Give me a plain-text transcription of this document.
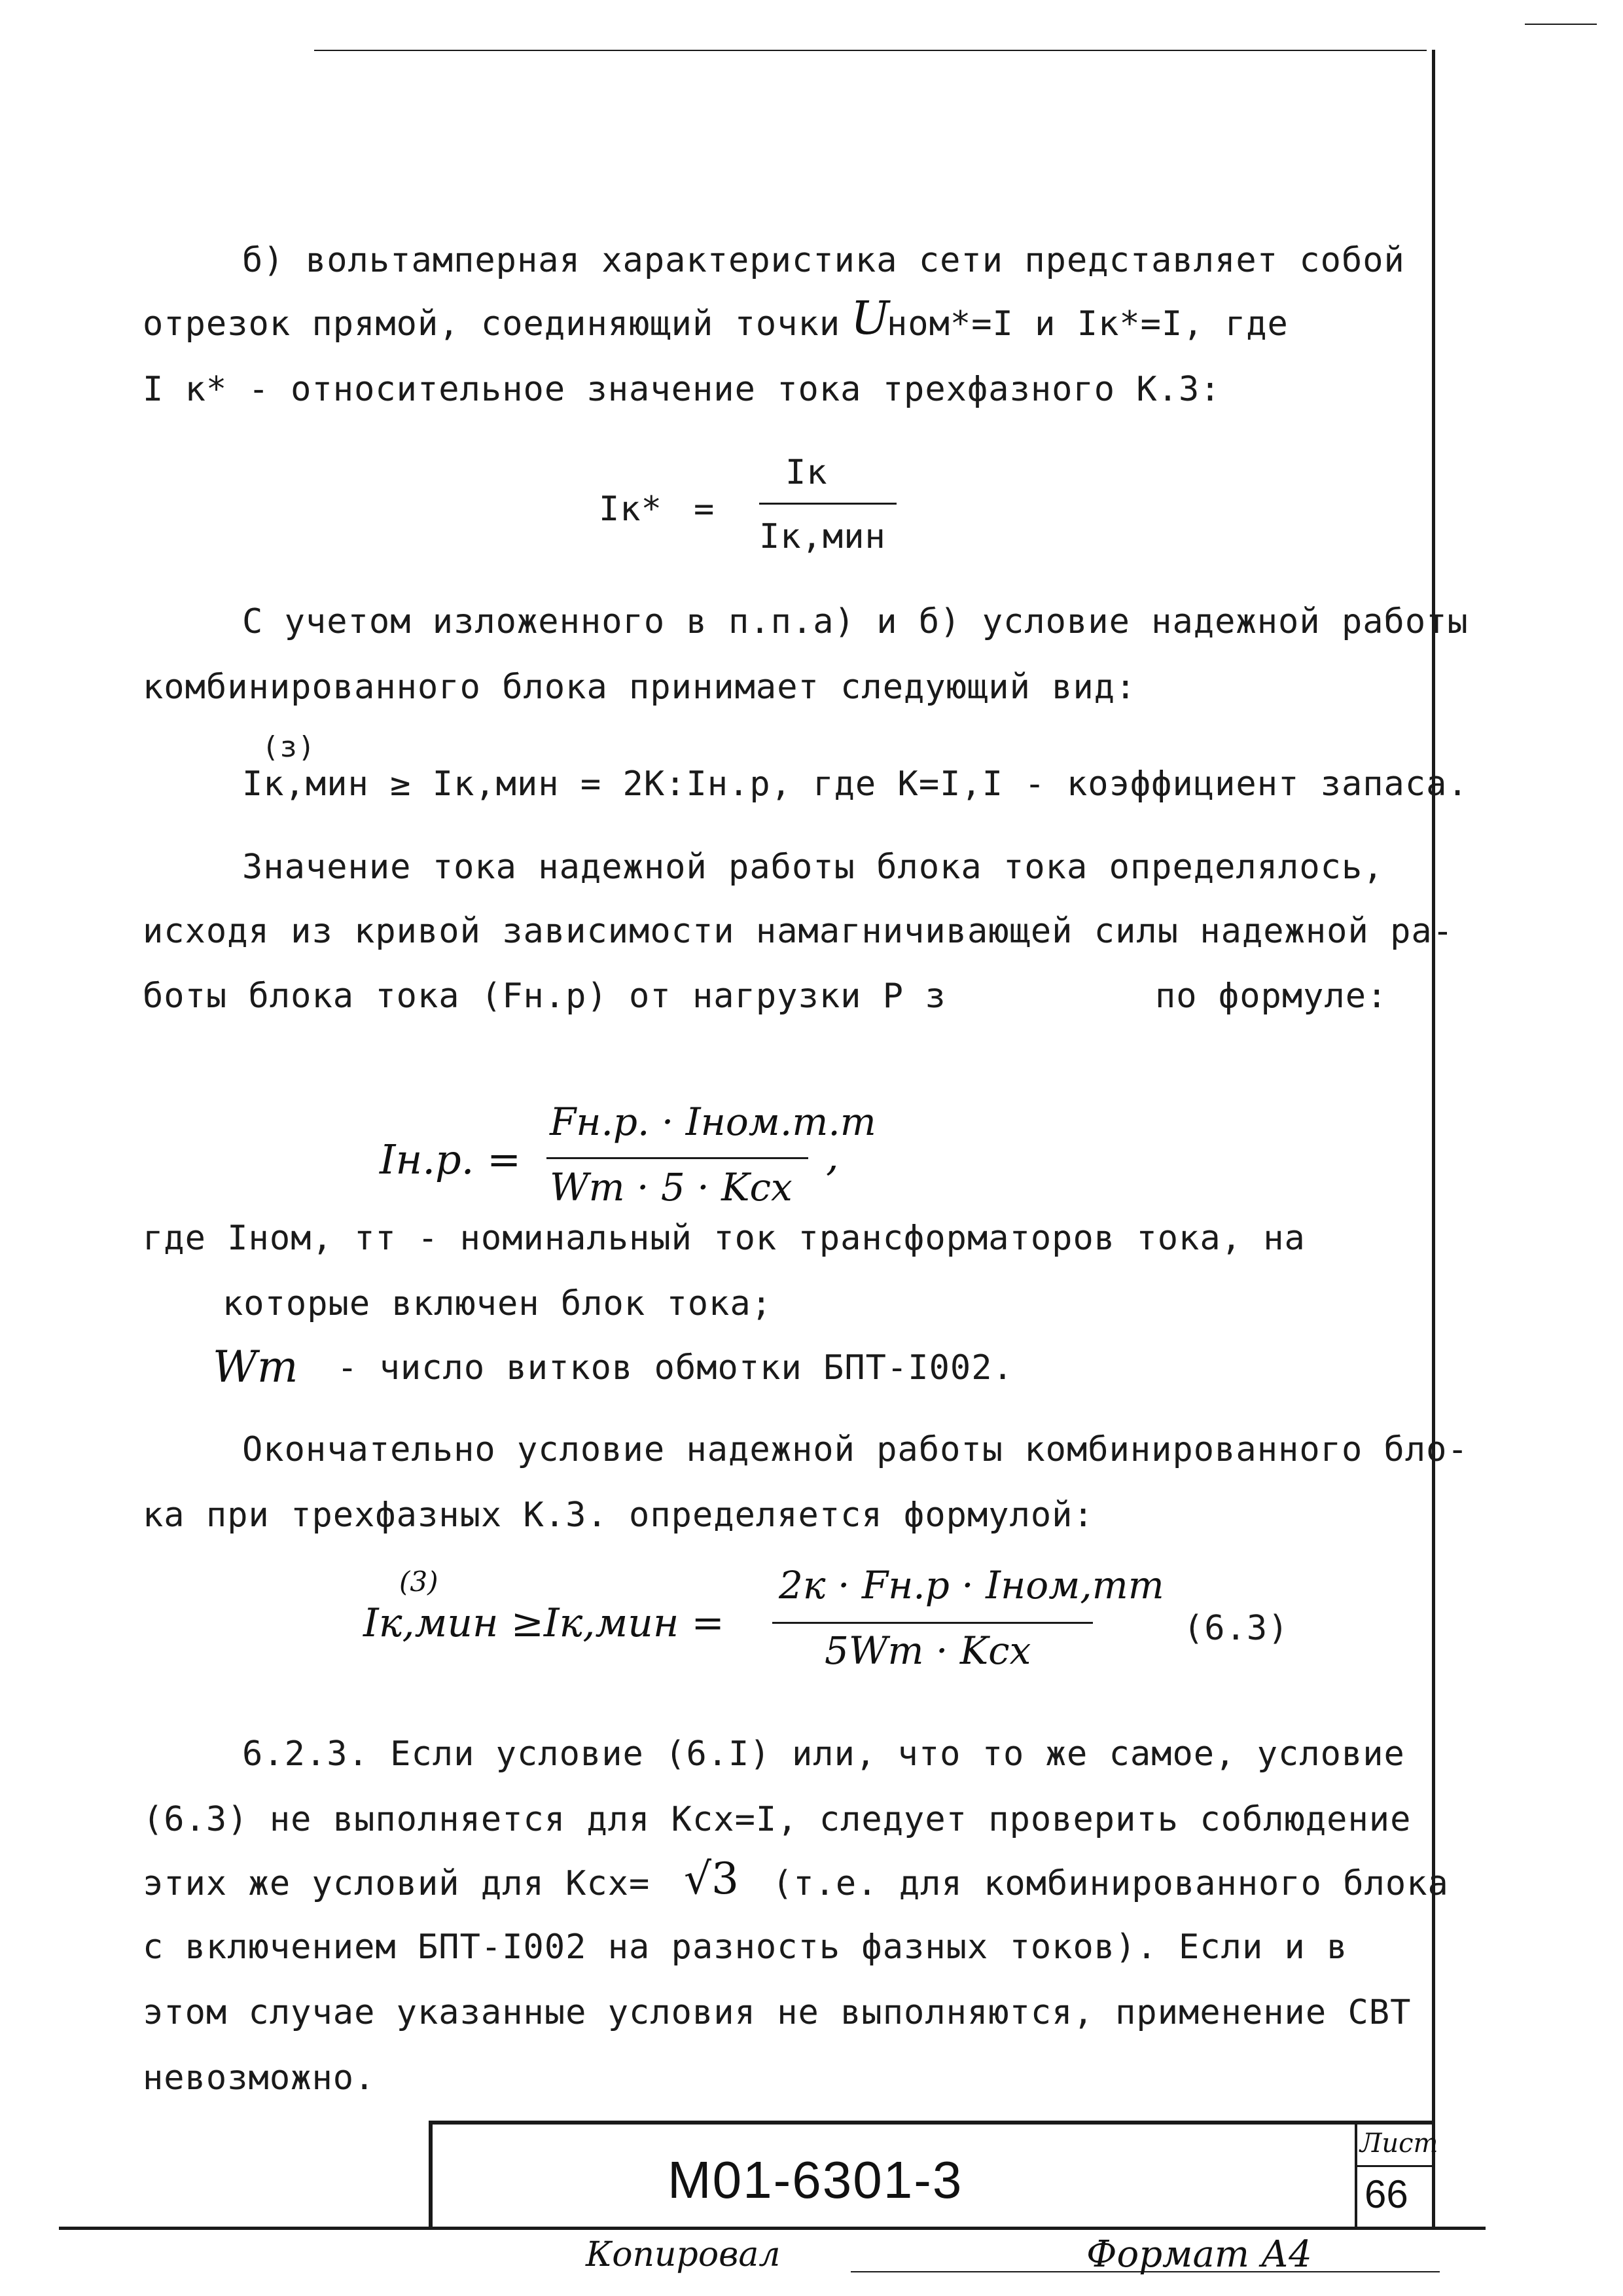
б) вольтамперная характеристика сети представляет собой
отрезок прямой, соединяющий точки U
ном*=I и Iк*=I, где
I к* - относительное значение тока трехфазного К.З:
Iк* =
Iк
Iк,мин
С учетом изложенного в п.п.а) и б) условие надежной работы
комбинированного блока принимает следующий вид:
(з)
Iк,мин ≥ Iк,мин = 2К:Iн.р, где К=I,I - коэффициент запаса.
Значение тока надежной работы блока тока определялось,
исходя из кривой зависимости намагничивающей силы надежной ра-
боты блока тока (Fн.р) от нагрузки Р з	по формуле:
Iн.р. =
Fн.р. · Iном.т.т
Wт · 5 · Kсх
,
где Iном, тт - номинальный ток трансформаторов тока, на
которые включен блок тока;
Wт - число витков обмотки БПТ-I002.
Окончательно условие надежной работы комбинированного бло-
ка при трехфазных К.З. определяется формулой:
(3)
Iк,мин ≥Iк,мин =
2к · Fн.р · Iном,тт
5Wт · Kсх	(6.3)
6.2.3. Если условие (6.I) или, что то же самое, условие
(6.3) не выполняется для Ксх=I, следует проверить соблюдение
этих же условий для Ксх= √3 (т.е. для комбинированного блока
с включением БПТ-I002 на разность фазных токов). Если и в
этом случае указанные условия не выполняются, применение СВТ
невозможно.
М01-6301-3
Лист
66
Копировал	Формат А4
